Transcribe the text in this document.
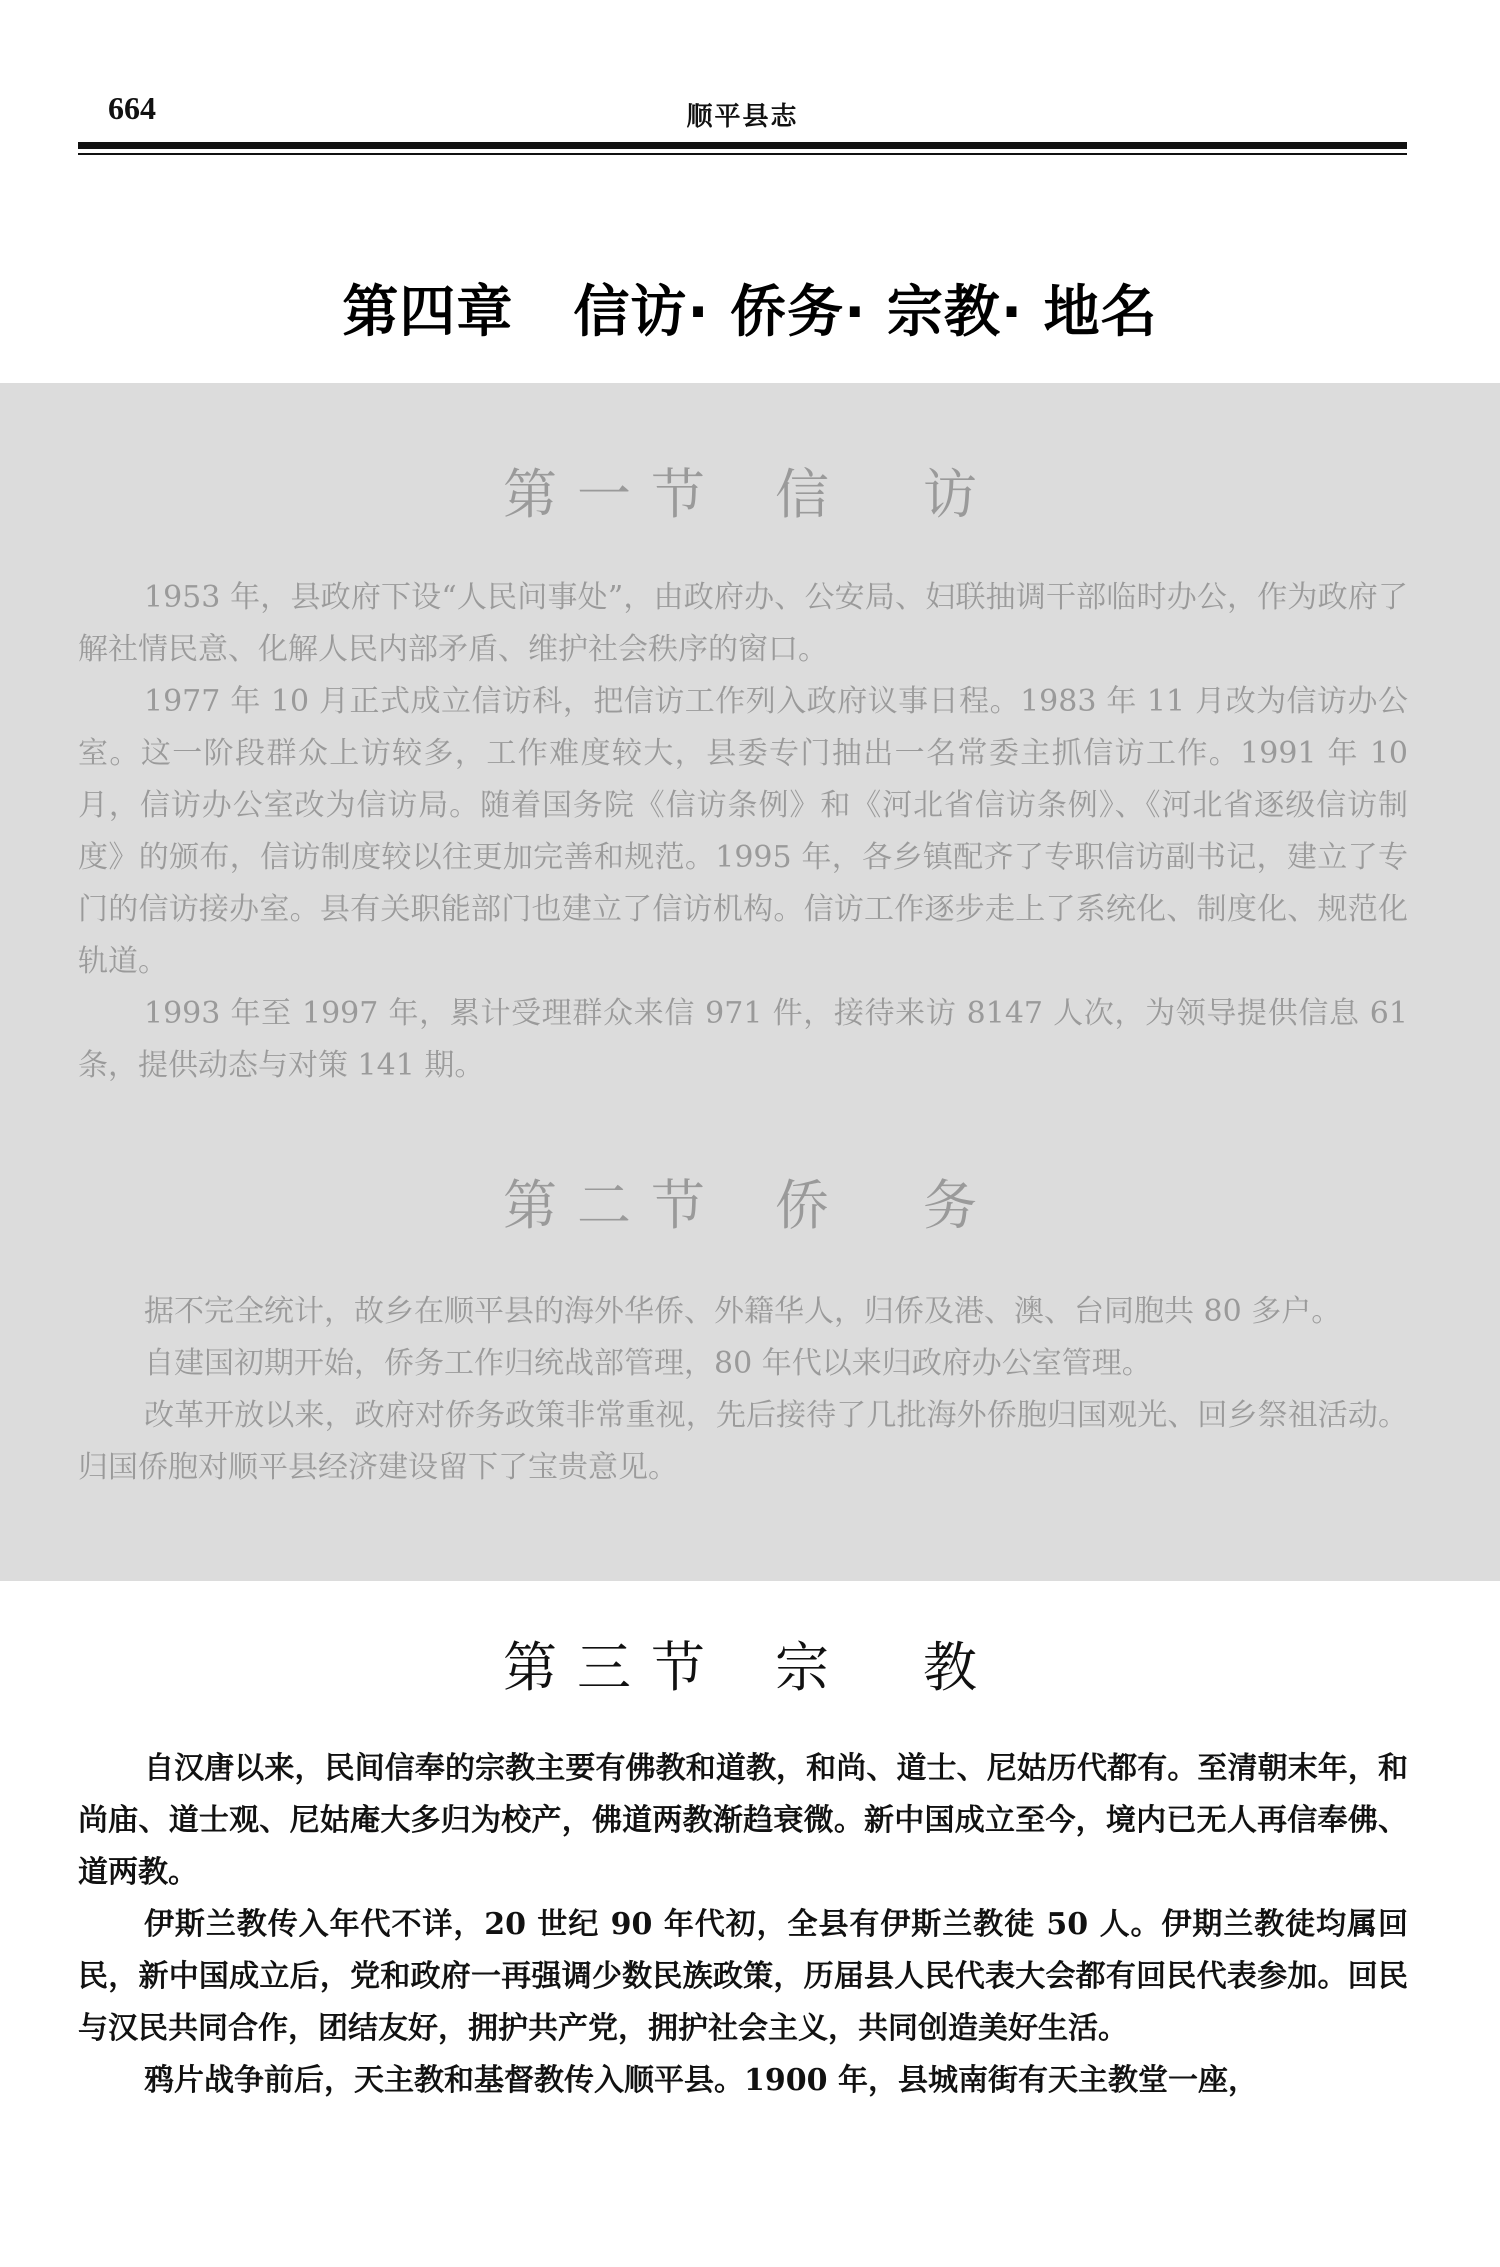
664	顺平县志
第四章 信访· 侨务· 宗教· 地名
第一节 信　访

1953 年，县政府下设“人民问事处”，由政府办、公安局、妇联抽调干部临时办公，作为政府了解社情民意、化解人民内部矛盾、维护社会秩序的窗口。

1977 年 10 月正式成立信访科，把信访工作列入政府议事日程。1983 年 11 月改为信访办公室。这一阶段群众上访较多，工作难度较大，县委专门抽出一名常委主抓信访工作。1991 年 10 月，信访办公室改为信访局。随着国务院《信访条例》和《河北省信访条例》、《河北省逐级信访制度》的颁布，信访制度较以往更加完善和规范。1995 年，各乡镇配齐了专职信访副书记，建立了专门的信访接办室。县有关职能部门也建立了信访机构。信访工作逐步走上了系统化、制度化、规范化轨道。

1993 年至 1997 年，累计受理群众来信 971 件，接待来访 8147 人次，为领导提供信息 61 条，提供动态与对策 141 期。

第二节 侨　务

据不完全统计，故乡在顺平县的海外华侨、外籍华人，归侨及港、澳、台同胞共 80 多户。

自建国初期开始，侨务工作归统战部管理，80 年代以来归政府办公室管理。

改革开放以来，政府对侨务政策非常重视，先后接待了几批海外侨胞归国观光、回乡祭祖活动。归国侨胞对顺平县经济建设留下了宝贵意见。

第三节 宗　教

自汉唐以来，民间信奉的宗教主要有佛教和道教，和尚、道士、尼姑历代都有。至清朝末年，和尚庙、道士观、尼姑庵大多归为校产，佛道两教渐趋衰微。新中国成立至今，境内已无人再信奉佛、道两教。

伊斯兰教传入年代不详，20 世纪 90 年代初，全县有伊斯兰教徒 50 人。伊期兰教徒均属回民，新中国成立后，党和政府一再强调少数民族政策，历届县人民代表大会都有回民代表参加。回民与汉民共同合作，团结友好，拥护共产党，拥护社会主义，共同创造美好生活。

鸦片战争前后，天主教和基督教传入顺平县。1900 年，县城南街有天主教堂一座，
